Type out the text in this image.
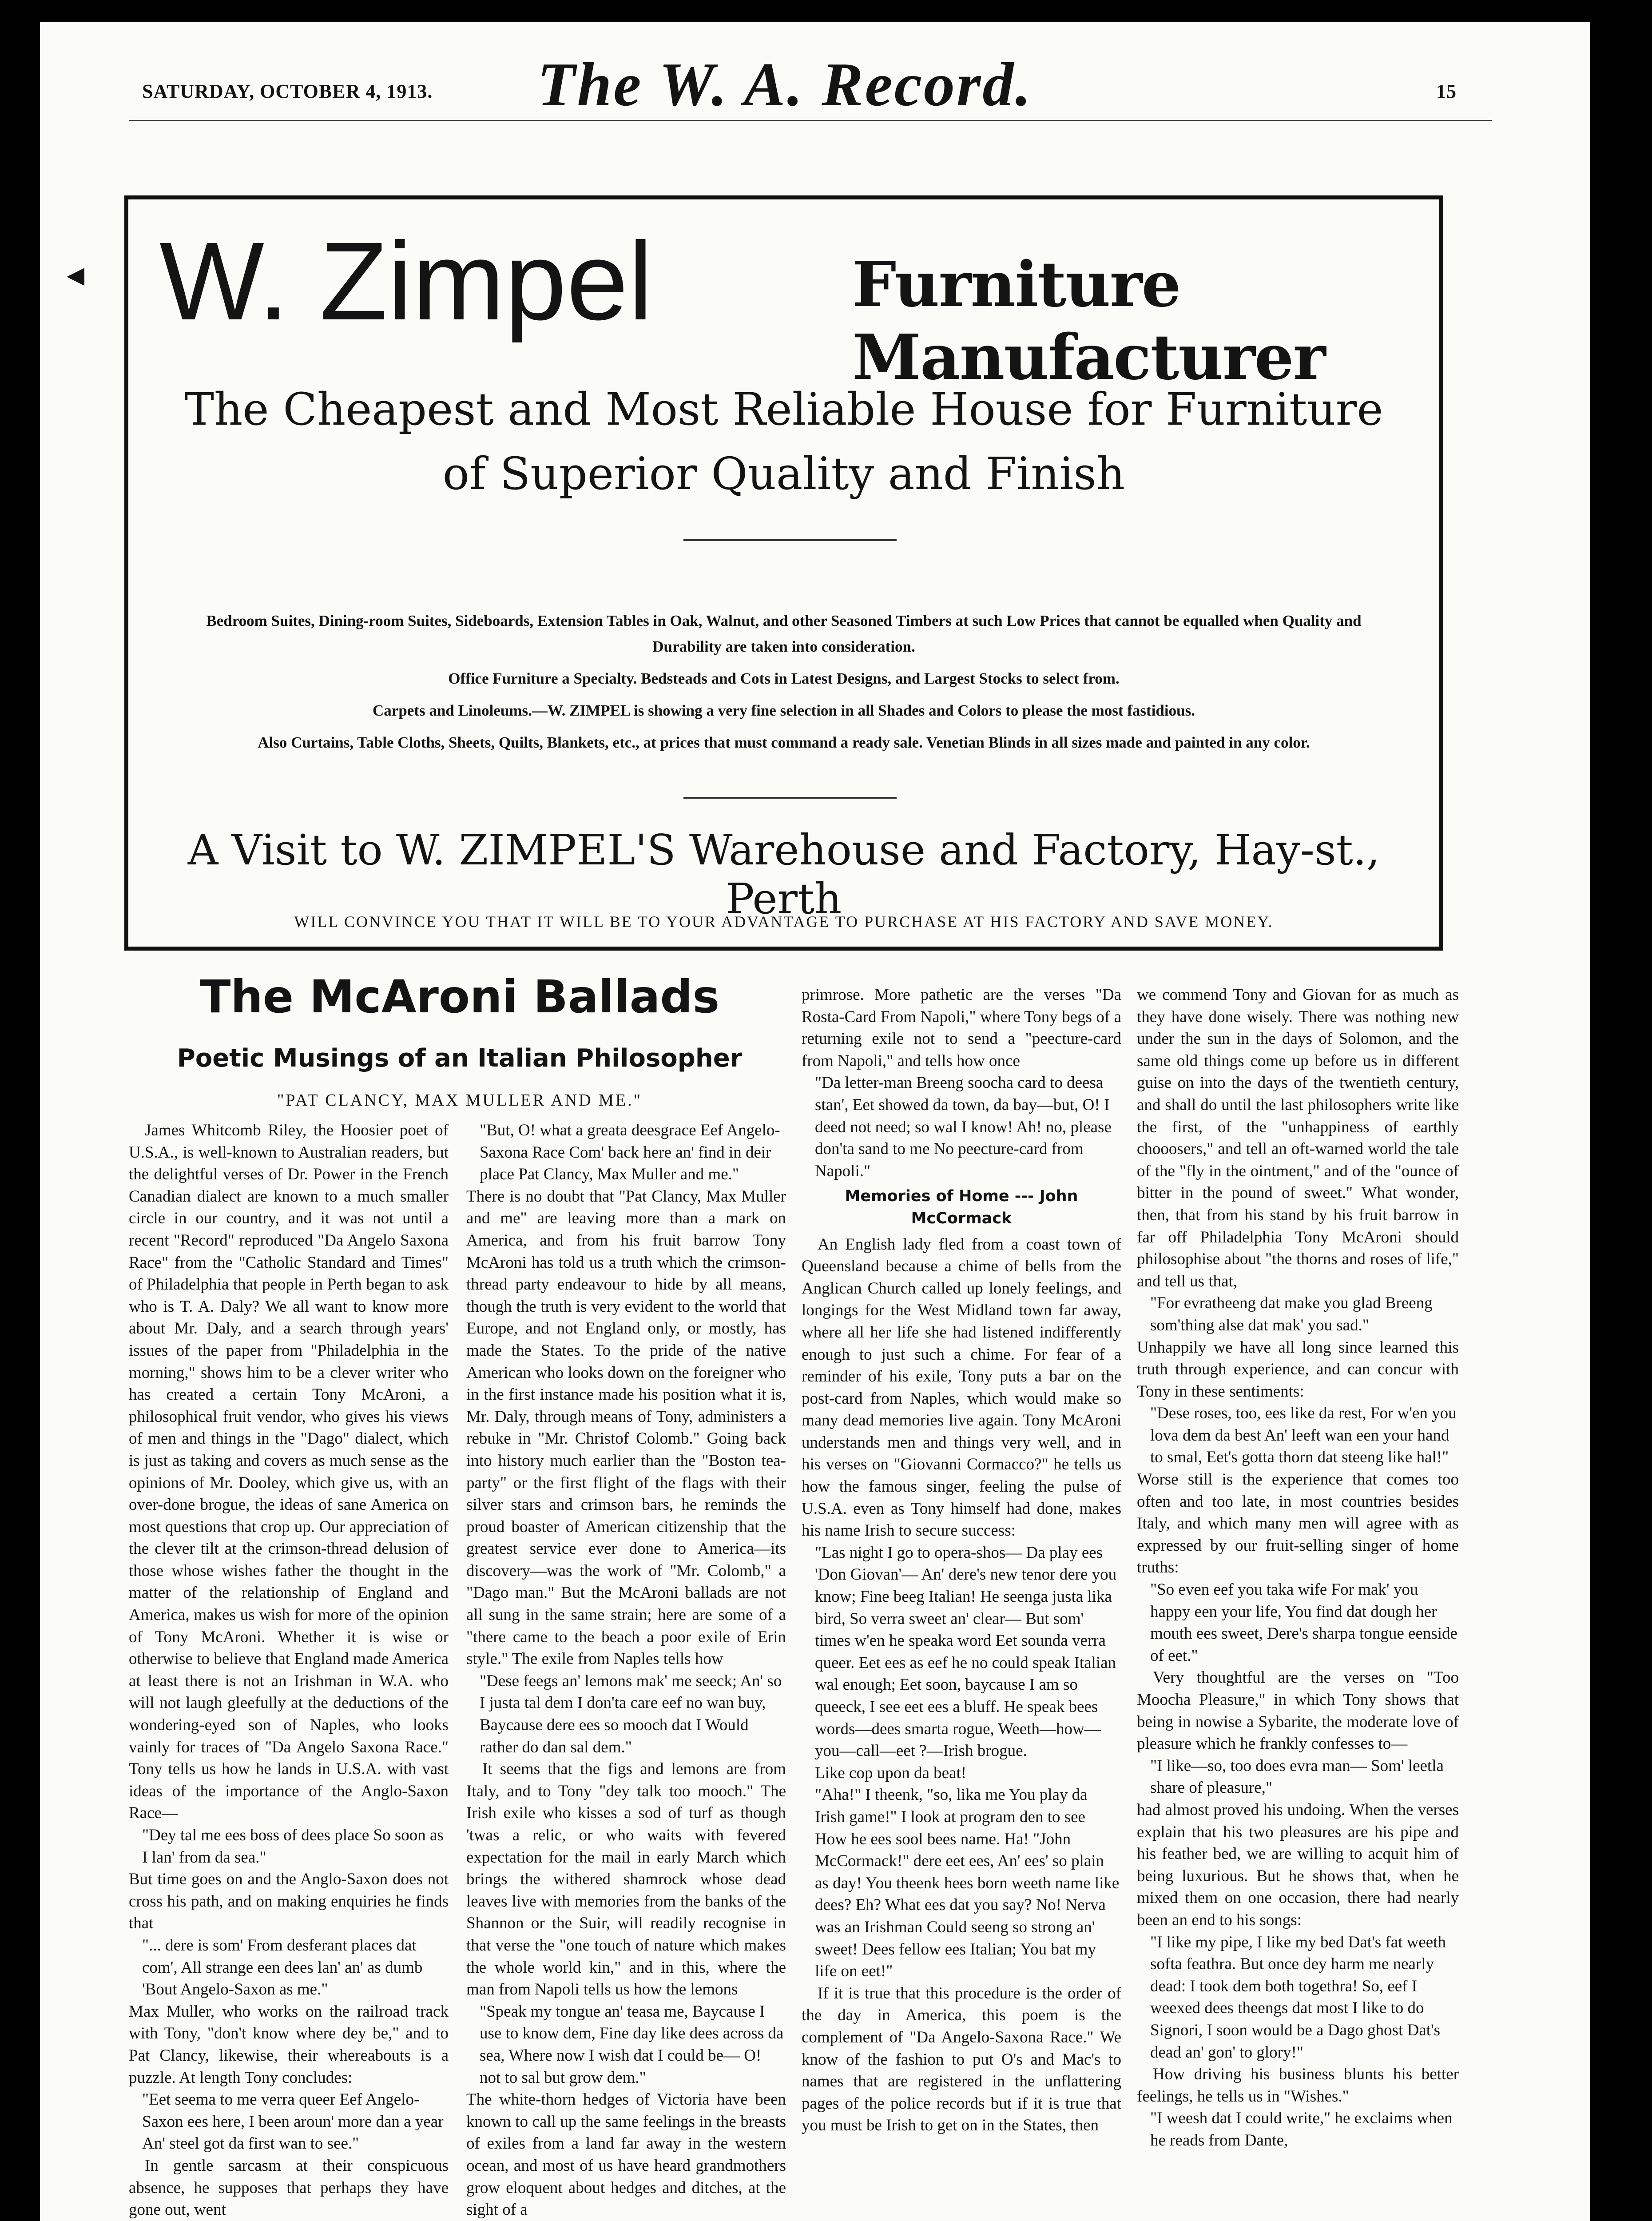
◂
SATURDAY, OCTOBER 4, 1913. The W. A. Record.	15
W. Zimpel	Furniture Manufacturer
The Cheapest and Most Reliable House for Furniture of Superior Quality and Finish

Bedroom Suites, Dining-room Suites, Sideboards, Extension Tables in Oak, Walnut, and other Seasoned Timbers at such Low Prices that cannot be equalled when Quality and Durability are taken into consideration.

Office Furniture a Specialty. Bedsteads and Cots in Latest Designs, and Largest Stocks to select from.

Carpets and Linoleums.—W. ZIMPEL is showing a very fine selection in all Shades and Colors to please the most fastidious.

Also Curtains, Table Cloths, Sheets, Quilts, Blankets, etc., at prices that must command a ready sale. Venetian Blinds in all sizes made and painted in any color.

A Visit to W. ZIMPEL'S Warehouse and Factory, Hay-st., Perth
WILL CONVINCE YOU THAT IT WILL BE TO YOUR ADVANTAGE TO PURCHASE AT HIS FACTORY AND SAVE MONEY.
The McAroni Ballads
Poetic Musings of an Italian Philosopher

"PAT CLANCY, MAX MULLER AND ME."

James Whitcomb Riley, the Hoosier poet of U.S.A., is well-known to Australian readers, but the delightful verses of Dr. Power in the French Canadian dialect are known to a much smaller circle in our country, and it was not until a recent "Record" reproduced "Da Angelo Saxona Race" from the "Catholic Standard and Times" of Philadelphia that people in Perth began to ask who is T. A. Daly? We all want to know more about Mr. Daly, and a search through years' issues of the paper from "Philadelphia in the morning," shows him to be a clever writer who has created a certain Tony McAroni, a philosophical fruit vendor, who gives his views of men and things in the "Dago" dialect, which is just as taking and covers as much sense as the opinions of Mr. Dooley, which give us, with an over-done brogue, the ideas of sane America on most questions that crop up. Our appreciation of the clever tilt at the crimson-thread delusion of those whose wishes father the thought in the matter of the relationship of England and America, makes us wish for more of the opinion of Tony McAroni. Whether it is wise or otherwise to believe that England made America at least there is not an Irishman in W.A. who will not laugh gleefully at the deductions of the wondering-eyed son of Naples, who looks vainly for traces of "Da Angelo Saxona Race." Tony tells us how he lands in U.S.A. with vast ideas of the importance of the Anglo-Saxon Race—

"Dey tal me ees boss of dees place So soon as I lan' from da sea."

But time goes on and the Anglo-Saxon does not cross his path, and on making enquiries he finds that

"... dere is som' From desferant places dat com', All strange een dees lan' an' as dumb

'Bout Angelo-Saxon as me."

Max Muller, who works on the railroad track with Tony, "don't know where dey be," and to Pat Clancy, likewise, their whereabouts is a puzzle. At length Tony concludes:

"Eet seema to me verra queer Eef Angelo-Saxon ees here, I been aroun' more dan a year An' steel got da first wan to see."

In gentle sarcasm at their conspicuous absence, he supposes that perhaps they have gone out, went

"But, O! what a greata deesgrace Eef Angelo-Saxona Race Com' back here an' find in deir place Pat Clancy, Max Muller and me."

There is no doubt that "Pat Clancy, Max Muller and me" are leaving more than a mark on America, and from his fruit barrow Tony McAroni has told us a truth which the crimson-thread party endeavour to hide by all means, though the truth is very evident to the world that Europe, and not England only, or mostly, has made the States. To the pride of the native American who looks down on the foreigner who in the first instance made his position what it is, Mr. Daly, through means of Tony, administers a rebuke in "Mr. Christof Colomb." Going back into history much earlier than the "Boston tea-party" or the first flight of the flags with their silver stars and crimson bars, he reminds the proud boaster of American citizenship that the greatest service ever done to America—its discovery—was the work of "Mr. Colomb," a "Dago man." But the McAroni ballads are not all sung in the same strain; here are some of a "there came to the beach a poor exile of Erin style." The exile from Naples tells how

"Dese feegs an' lemons mak' me seeck; An' so I justa tal dem I don'ta care eef no wan buy, Baycause dere ees so mooch dat I Would rather do dan sal dem."

It seems that the figs and lemons are from Italy, and to Tony "dey talk too mooch." The Irish exile who kisses a sod of turf as though 'twas a relic, or who waits with fevered expectation for the mail in early March which brings the withered shamrock whose dead leaves live with memories from the banks of the Shannon or the Suir, will readily recognise in that verse the "one touch of nature which makes the whole world kin," and in this, where the man from Napoli tells us how the lemons

"Speak my tongue an' teasa me, Baycause I use to know dem, Fine day like dees across da sea, Where now I wish dat I could be— O! not to sal but grow dem."

The white-thorn hedges of Victoria have been known to call up the same feelings in the breasts of exiles from a land far away in the western ocean, and most of us have heard grandmothers grow eloquent about hedges and ditches, at the sight of a

primrose. More pathetic are the verses "Da Rosta-Card From Napoli," where Tony begs of a returning exile not to send a "peecture-card from Napoli," and tells how once

"Da letter-man Breeng soocha card to deesa stan', Eet showed da town, da bay—but, O! I deed not need; so wal I know! Ah! no, please don'ta sand to me No peecture-card from Napoli."

Memories of Home --- John McCormack

An English lady fled from a coast town of Queensland because a chime of bells from the Anglican Church called up lonely feelings, and longings for the West Midland town far away, where all her life she had listened indifferently enough to just such a chime. For fear of a reminder of his exile, Tony puts a bar on the post-card from Naples, which would make so many dead memories live again. Tony McAroni understands men and things very well, and in his verses on "Giovanni Cormacco?" he tells us how the famous singer, feeling the pulse of U.S.A. even as Tony himself had done, makes his name Irish to secure success:

"Las night I go to opera-shos— Da play ees 'Don Giovan'— An' dere's new tenor dere you know; Fine beeg Italian! He seenga justa lika bird, So verra sweet an' clear— But som' times w'en he speaka word Eet sounda verra queer. Eet ees as eef he no could speak Italian wal enough; Eet soon, baycause I am so queeck, I see eet ees a bluff. He speak bees words—dees smarta rogue, Weeth—how—you—call—eet ?—Irish brogue.

Like cop upon da beat!

"Aha!" I theenk, "so, lika me You play da Irish game!" I look at program den to see How he ees sool bees name. Ha! "John McCormack!" dere eet ees, An' ees' so plain as day! You theenk hees born weeth name like dees? Eh? What ees dat you say? No! Nerva was an Irishman Could seeng so strong an' sweet! Dees fellow ees Italian; You bat my life on eet!"

If it is true that this procedure is the order of the day in America, this poem is the complement of "Da Angelo-Saxona Race." We know of the fashion to put O's and Mac's to names that are registered in the unflattering pages of the police records but if it is true that you must be Irish to get on in the States, then

we commend Tony and Giovan for as much as they have done wisely. There was nothing new under the sun in the days of Solomon, and the same old things come up before us in different guise on into the days of the twentieth century, and shall do until the last philosophers write like the first, of the "unhappiness of earthly chooosers," and tell an oft-warned world the tale of the "fly in the ointment," and of the "ounce of bitter in the pound of sweet." What wonder, then, that from his stand by his fruit barrow in far off Philadelphia Tony McAroni should philosophise about "the thorns and roses of life," and tell us that,

"For evratheeng dat make you glad Breeng som'thing alse dat mak' you sad."

Unhappily we have all long since learned this truth through experience, and can concur with Tony in these sentiments:

"Dese roses, too, ees like da rest, For w'en you lova dem da best An' leeft wan een your hand to smal, Eet's gotta thorn dat steeng like hal!"

Worse still is the experience that comes too often and too late, in most countries besides Italy, and which many men will agree with as expressed by our fruit-selling singer of home truths:

"So even eef you taka wife For mak' you happy een your life, You find dat dough her mouth ees sweet, Dere's sharpa tongue eenside of eet."

Very thoughtful are the verses on "Too Moocha Pleasure," in which Tony shows that being in nowise a Sybarite, the moderate love of pleasure which he frankly confesses to—

"I like—so, too does evra man— Som' leetla share of pleasure,"

had almost proved his undoing. When the verses explain that his two pleasures are his pipe and his feather bed, we are willing to acquit him of being luxurious. But he shows that, when he mixed them on one occasion, there had nearly been an end to his songs:

"I like my pipe, I like my bed Dat's fat weeth softa feathra. But once dey harm me nearly dead: I took dem both togethra! So, eef I weexed dees theengs dat most I like to do Signori, I soon would be a Dago ghost Dat's dead an' gon' to glory!"

How driving his business blunts his better feelings, he tells us in "Wishes."

"I weesh dat I could write," he exclaims when he reads from Dante,
